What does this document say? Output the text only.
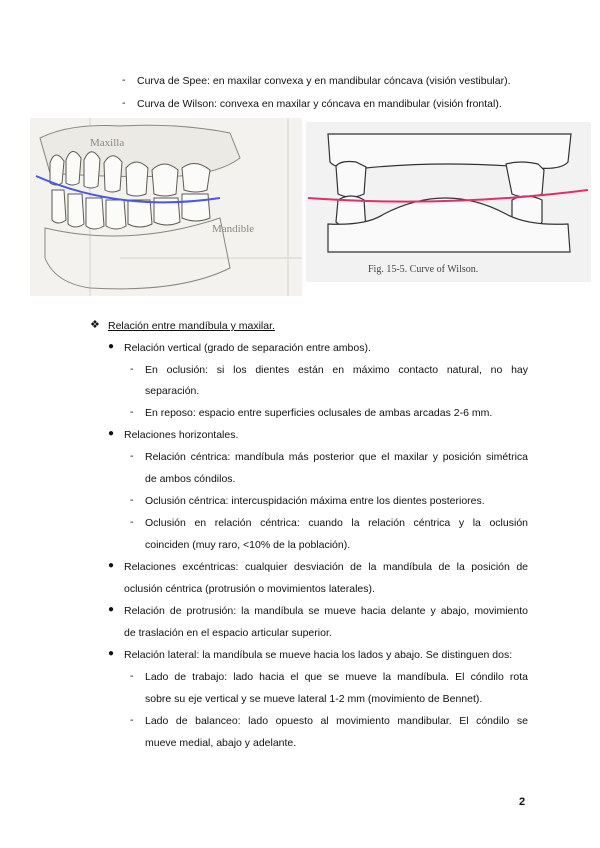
-	Curva de Spee: en maxilar convexa y en mandibular cóncava (visión vestibular).
-	Curva de Wilson: convexa en maxilar y cóncava en mandibular (visión frontal).
Maxilla
Mandible
Fig. 15-5. Curve of Wilson.
❖ Relación entre mandíbula y maxilar.
● Relación vertical (grado de separación entre ambos).
-	En oclusión: si los dientes están en máximo contacto natural, no hay
separación.
-	En reposo: espacio entre superficies oclusales de ambas arcadas 2-6 mm.
● Relaciones horizontales.
-	Relación céntrica: mandíbula más posterior que el maxilar y posición simétrica
de ambos cóndilos.
-	Oclusión céntrica: intercuspidación máxima entre los dientes posteriores.
-	Oclusión en relación céntrica: cuando la relación céntrica y la oclusión
coinciden (muy raro, <10% de la población).
● Relaciones excéntricas: cualquier desviación de la mandíbula de la posición de
oclusión céntrica (protrusión o movimientos laterales).
● Relación de protrusión: la mandíbula se mueve hacia delante y abajo, movimiento
de traslación en el espacio articular superior.
● Relación lateral: la mandíbula se mueve hacia los lados y abajo. Se distinguen dos:
-	Lado de trabajo: lado hacia el que se mueve la mandíbula. El cóndilo rota
sobre su eje vertical y se mueve lateral 1-2 mm (movimiento de Bennet).
-	Lado de balanceo: lado opuesto al movimiento mandibular. El cóndilo se
mueve medial, abajo y adelante.
2
